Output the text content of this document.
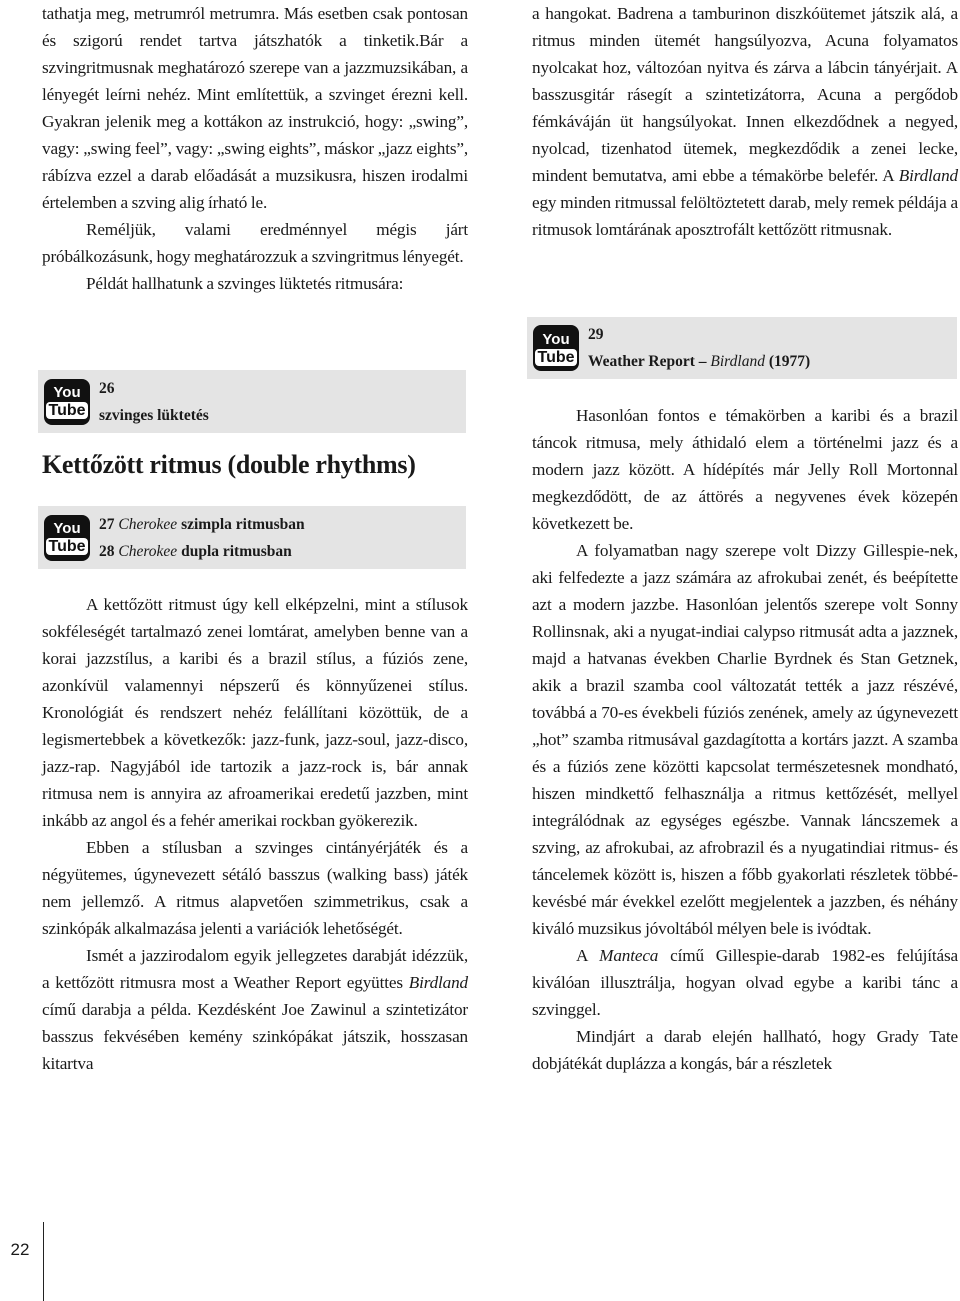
tathatja meg, metrumról metrumra. Más esetben csak pontosan és szigorú rendet tartva játszhatók a tinketik.Bár a szvingritmusnak meghatározó szerepe van a jazzmuzsikában, a lényegét leírni nehéz. Mint említettük, a szvinget érezni kell. Gyakran jelenik meg a kottákon az instrukció, hogy: „swing”, vagy: „swing feel”, vagy: „swing eights”, máskor „jazz eights”, rábízva ezzel a darab előadását a muzsikusra, hiszen irodalmi értelemben a szving alig írható le.

Reméljük, valami eredménnyel mégis járt próbálkozásunk, hogy meghatározzuk a szvingritmus lényegét.

Példát hallhatunk a szvinges lüktetés ritmusára:

You
Tube
26
szvinges lüktetés
Kettőzött ritmus (double rhythms)
You
Tube
27 Cherokee szimpla ritmusban
28 Cherokee dupla ritmusban

A kettőzött ritmust úgy kell elképzelni, mint a stílusok sokféleségét tartalmazó zenei lomtárat, amelyben benne van a korai jazzstílus, a karibi és a brazil stílus, a fúziós zene, azonkívül valamennyi népszerű és könnyűzenei stílus. Kronológiát és rendszert nehéz felállítani közöttük, de a legismertebbek a következők: jazz-funk, jazz-soul, jazz-disco, jazz-rap. Nagyjából ide tartozik a jazz-rock is, bár annak ritmusa nem is annyira az afroamerikai eredetű jazzben, mint inkább az angol és a fehér amerikai rockban gyökerezik.

Ebben a stílusban a szvinges cintányérjáték és a négyütemes, úgynevezett sétáló basszus (walking bass) játék nem jellemző. A ritmus alapvetően szimmetrikus, csak a szinkópák alkalmazása jelenti a variációk lehetőségét.

Ismét a jazzirodalom egyik jellegzetes darabját idézzük, a kettőzött ritmusra most a Weather Report együttes Birdland című darabja a példa. Kezdésként Joe Zawinul a szintetizátor basszus fekvésében kemény szinkópákat játszik, hosszasan kitartva

a hangokat. Badrena a tamburinon diszkóütemet játszik alá, a ritmus minden ütemét hangsúlyozva, Acuna folyamatos nyolcakat hoz, változóan nyitva és zárva a lábcin tányérjait. A basszusgitár rásegít a szintetizátorra, Acuna a pergődob fémkáváján üt hangsúlyokat. Innen elkezdődnek a negyed, nyolcad, tizenhatod ütemek, megkezdődik a zenei lecke, mindent bemutatva, ami ebbe a témakörbe belefér. A Birdland egy minden ritmussal felöltöztetett darab, mely remek példája a ritmusok lomtárának aposztrofált kettőzött ritmusnak.

You
Tube
29
Weather Report – Birdland (1977)

Hasonlóan fontos e témakörben a karibi és a brazil táncok ritmusa, mely áthidaló elem a történelmi jazz és a modern jazz között. A hídépítés már Jelly Roll Mortonnal megkezdődött, de az áttörés a negyvenes évek közepén következett be.

A folyamatban nagy szerepe volt Dizzy Gillespie-nek, aki felfedezte a jazz számára az afrokubai zenét, és beépítette azt a modern jazzbe. Hasonlóan jelentős szerepe volt Sonny Rollinsnak, aki a nyugat-indiai calypso ritmusát adta a jazznek, majd a hatvanas években Charlie Byrdnek és Stan Getznek, akik a brazil szamba cool változatát tették a jazz részévé, továbbá a 70-es évekbeli fúziós zenének, amely az úgynevezett „hot” szamba ritmusával gazdagította a kortárs jazzt. A szamba és a fúziós zene közötti kapcsolat természetesnek mondható, hiszen mindkettő felhasználja a ritmus kettőzését, mellyel integrálódnak az egységes egészbe. Vannak láncszemek a szving, az afrokubai, az afrobrazil és a nyugatindiai ritmus- és táncelemek között is, hiszen a főbb gyakorlati részletek többé-kevésbé már évekkel ezelőtt megjelentek a jazzben, és néhány kiváló muzsikus jóvoltából mélyen bele is ivódtak.

A Manteca című Gillespie-darab 1982-es felújítása kiválóan illusztrálja, hogyan olvad egybe a karibi tánc a szvinggel.

Mindjárt a darab elején hallható, hogy Grady Tate dobjátékát duplázza a kongás, bár a részletek

22
